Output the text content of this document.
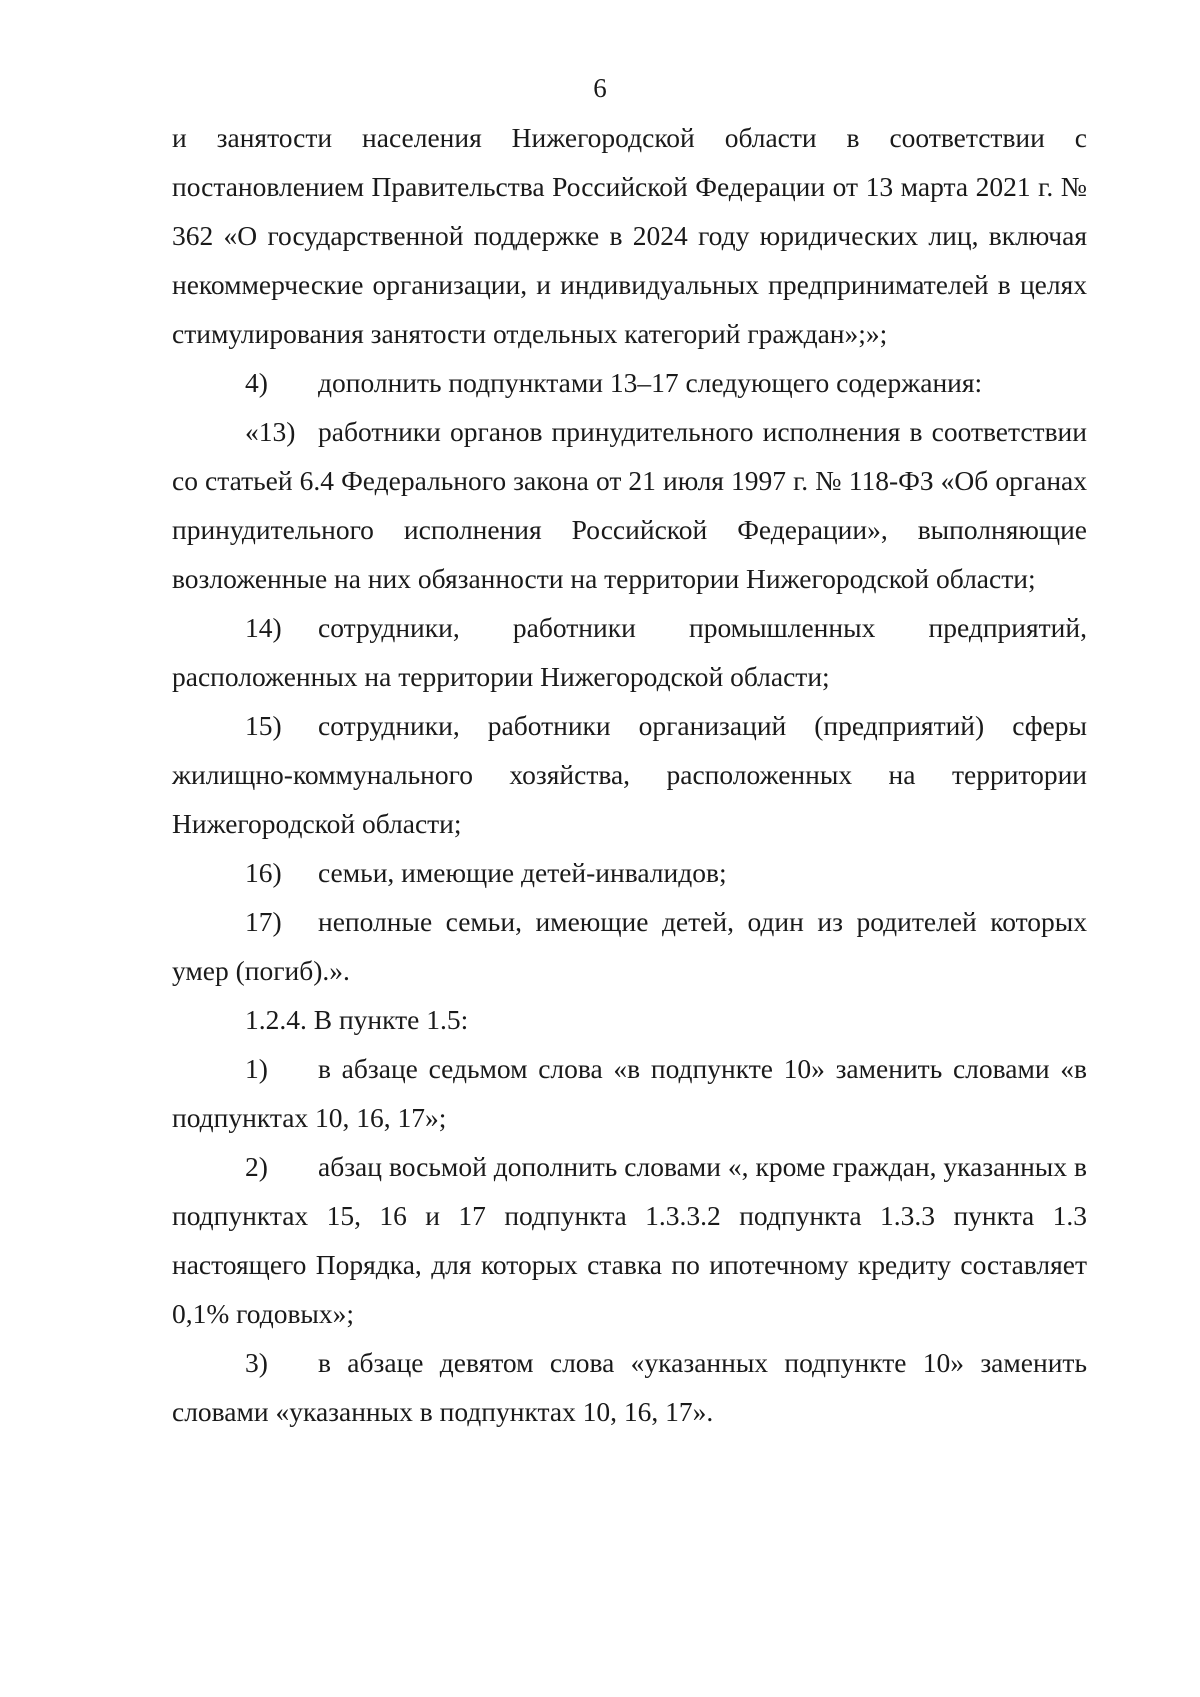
6

и занятости населения Нижегородской области в соответствии с постановлением Правительства Российской Федерации от 13 марта 2021 г. № 362 «О государственной поддержке в 2024 году юридических лиц, включая некоммерческие организации, и индивидуальных предпринимателей в целях стимулирования занятости отдельных категорий граждан»;»;

4) дополнить подпунктами 13–17 следующего содержания:

«13) работники органов принудительного исполнения в соответствии со статьей 6.4 Федерального закона от 21 июля 1997 г. № 118-ФЗ «Об органах принудительного исполнения Российской Федерации», выполняющие возложенные на них обязанности на территории Нижегородской области;

14) сотрудники, работники промышленных предприятий, расположенных на территории Нижегородской области;

15) сотрудники, работники организаций (предприятий) сферы жилищно-коммунального хозяйства, расположенных на территории Нижегородской области;

16) семьи, имеющие детей-инвалидов;

17) неполные семьи, имеющие детей, один из родителей которых умер (погиб).».

1.2.4. В пункте 1.5:

1) в абзаце седьмом слова «в подпункте 10» заменить словами «в подпунктах 10, 16, 17»;

2) абзац восьмой дополнить словами «, кроме граждан, указанных в подпунктах 15, 16 и 17 подпункта 1.3.3.2 подпункта 1.3.3 пункта 1.3 настоящего Порядка, для которых ставка по ипотечному кредиту составляет 0,1% годовых»;

3) в абзаце девятом слова «указанных подпункте 10» заменить словами «указанных в подпунктах 10, 16, 17».
